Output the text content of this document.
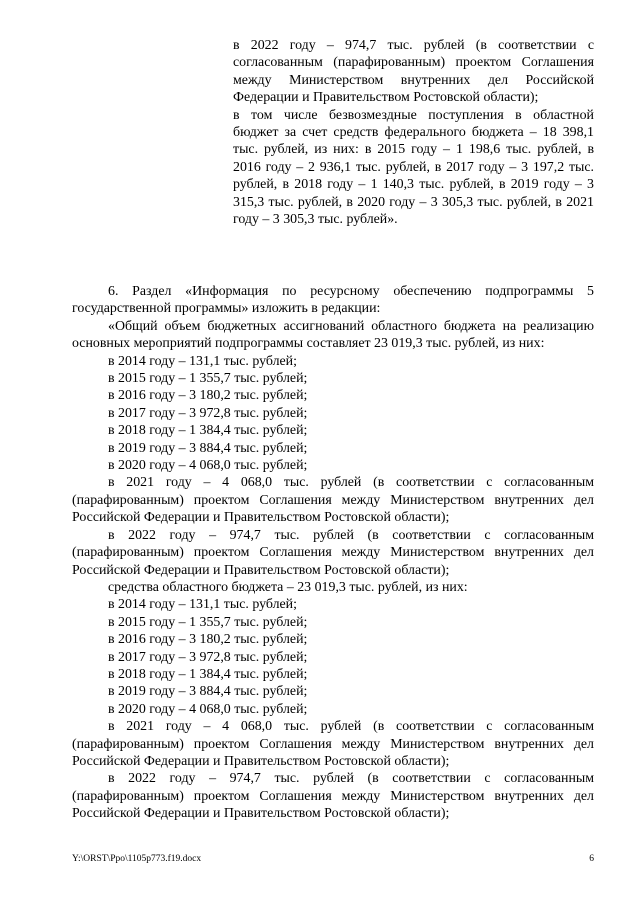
в 2022 году – 974,7 тыс. рублей (в соответствии с согласованным (парафированным) проектом Соглашения между Министерством внутренних дел Российской Федерации и Правительством Ростовской области);

в том числе безвозмездные поступления в областной бюджет за счет средств федерального бюджета – 18 398,1 тыс. рублей, из них: в 2015 году – 1 198,6 тыс. рублей, в 2016 году – 2 936,1 тыс. рублей, в 2017 году – 3 197,2 тыс. рублей, в 2018 году – 1 140,3 тыс. рублей, в 2019 году – 3 315,3 тыс. рублей, в 2020 году – 3 305,3 тыс. рублей, в 2021 году – 3 305,3 тыс. рублей».

6. Раздел «Информация по ресурсному обеспечению подпрограммы 5 государственной программы» изложить в редакции:

«Общий объем бюджетных ассигнований областного бюджета на реализацию основных мероприятий подпрограммы составляет 23 019,3 тыс. рублей, из них:

в 2014 году – 131,1 тыс. рублей;

в 2015 году – 1 355,7 тыс. рублей;

в 2016 году – 3 180,2 тыс. рублей;

в 2017 году – 3 972,8 тыс. рублей;

в 2018 году – 1 384,4 тыс. рублей;

в 2019 году – 3 884,4 тыс. рублей;

в 2020 году – 4 068,0 тыс. рублей;

в 2021 году – 4 068,0 тыс. рублей (в соответствии с согласованным (парафированным) проектом Соглашения между Министерством внутренних дел Российской Федерации и Правительством Ростовской области);

в 2022 году – 974,7 тыс. рублей (в соответствии с согласованным (парафированным) проектом Соглашения между Министерством внутренних дел Российской Федерации и Правительством Ростовской области);

средства областного бюджета – 23 019,3 тыс. рублей, из них:

в 2014 году – 131,1 тыс. рублей;

в 2015 году – 1 355,7 тыс. рублей;

в 2016 году – 3 180,2 тыс. рублей;

в 2017 году – 3 972,8 тыс. рублей;

в 2018 году – 1 384,4 тыс. рублей;

в 2019 году – 3 884,4 тыс. рублей;

в 2020 году – 4 068,0 тыс. рублей;

в 2021 году – 4 068,0 тыс. рублей (в соответствии с согласованным (парафированным) проектом Соглашения между Министерством внутренних дел Российской Федерации и Правительством Ростовской области);

в 2022 году – 974,7 тыс. рублей (в соответствии с согласованным (парафированным) проектом Соглашения между Министерством внутренних дел Российской Федерации и Правительством Ростовской области);

Y:\ORST\Ppo\1105p773.f19.docx	6
